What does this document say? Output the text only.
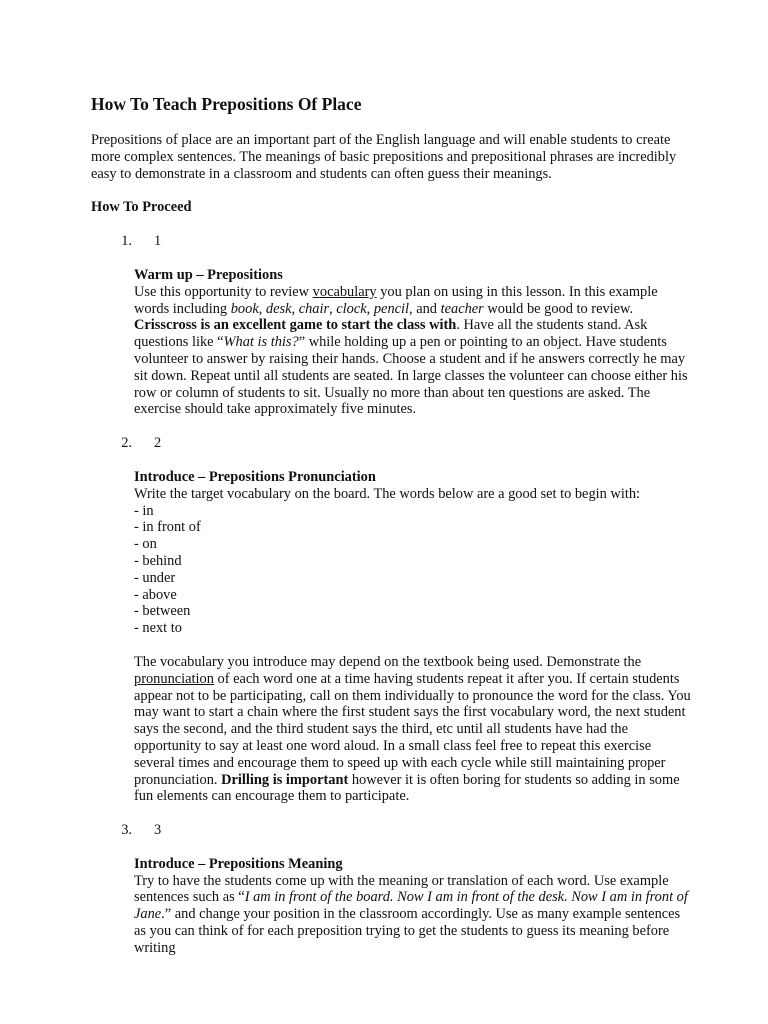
How To Teach Prepositions Of Place

Prepositions of place are an important part of the English language and will enable students to create more complex sentences. The meanings of basic prepositions and prepositional phrases are incredibly easy to demonstrate in a classroom and students can often guess their meanings.

How To Proceed
1. 1
Warm up – Prepositions

Use this opportunity to review vocabulary you plan on using in this lesson. In this example words including book, desk, chair, clock, pencil, and teacher would be good to review. Crisscross is an excellent game to start the class with. Have all the students stand. Ask questions like “What is this?” while holding up a pen or pointing to an object. Have students volunteer to answer by raising their hands. Choose a student and if he answers correctly he may sit down. Repeat until all students are seated. In large classes the volunteer can choose either his row or column of students to sit. Usually no more than about ten questions are asked. The exercise should take approximately five minutes.

2. 2
Introduce – Prepositions Pronunciation

Write the target vocabulary on the board. The words below are a good set to begin with:

- in
- in front of
- on
- behind
- under
- above
- between
- next to

The vocabulary you introduce may depend on the textbook being used. Demonstrate the pronunciation of each word one at a time having students repeat it after you. If certain students appear not to be participating, call on them individually to pronounce the word for the class. You may want to start a chain where the first student says the first vocabulary word, the next student says the second, and the third student says the third, etc until all students have had the opportunity to say at least one word aloud. In a small class feel free to repeat this exercise several times and encourage them to speed up with each cycle while still maintaining proper pronunciation. Drilling is important however it is often boring for students so adding in some fun elements can encourage them to participate.

3. 3
Introduce – Prepositions Meaning

Try to have the students come up with the meaning or translation of each word. Use example sentences such as “I am in front of the board. Now I am in front of the desk. Now I am in front of Jane.” and change your position in the classroom accordingly. Use as many example sentences as you can think of for each preposition trying to get the students to guess its meaning before writing
